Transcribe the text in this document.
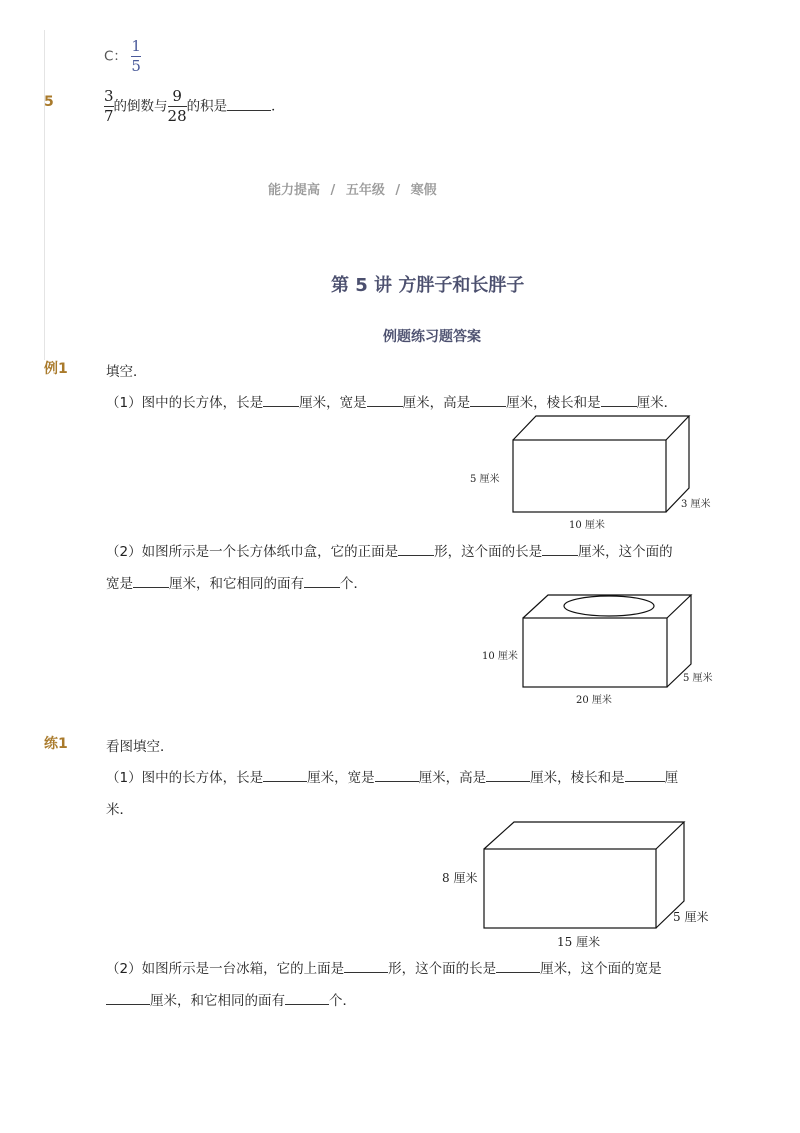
C： $\frac{1}{5}$
5	$\frac{3}{7}$ 的倒数与 $\frac{9}{28}$ 的积是	．
能力提高 / 五年级 / 寒假
第 5 讲 方胖子和长胖子
例题练习题答案
例1	填空．
（1）图中的长方体，长是	厘米，宽是	厘米，高是	厘米，棱长和是	厘米．
5 厘米
3 厘米
10 厘米
（2）如图所示是一个长方体纸巾盒，它的正面是	形，这个面的长是	厘米，这个面的
宽是	厘米，和它相同的面有	个．
10 厘米
5 厘米
20 厘米
练1	看图填空．
（1）图中的长方体，长是	厘米，宽是	厘米，高是	厘米，棱长和是	厘
米．
8 厘米
5 厘米
15 厘米
（2）如图所示是一台冰箱，它的上面是	形，这个面的长是	厘米，这个面的宽是
厘米，和它相同的面有	个．
